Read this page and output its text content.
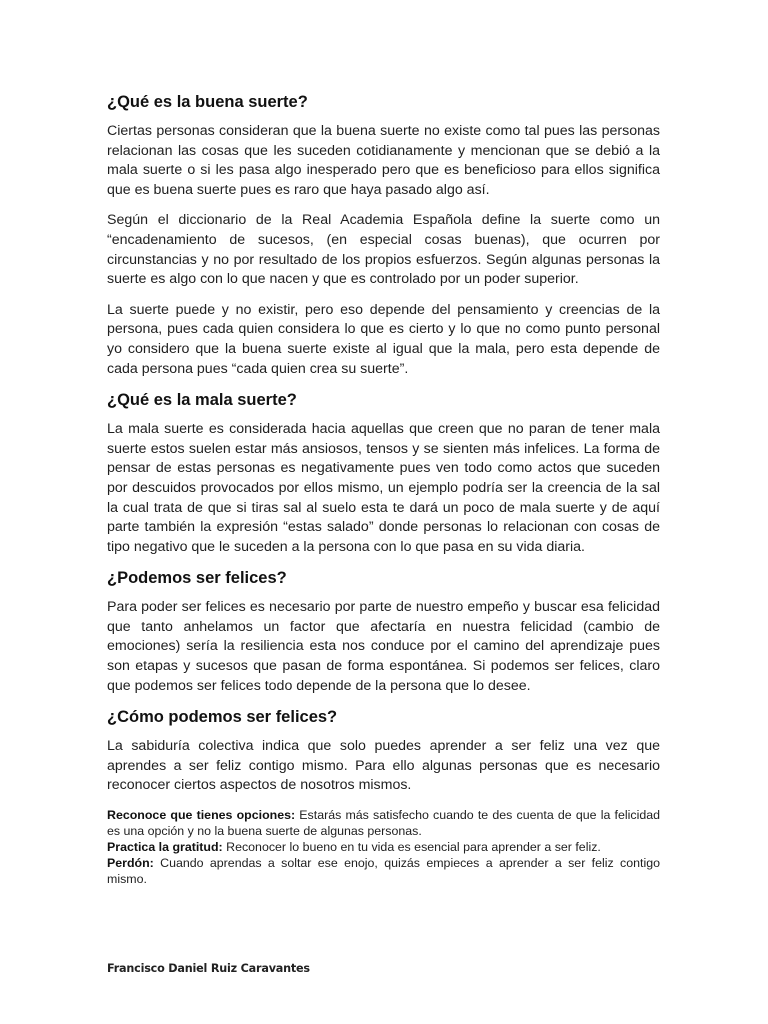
¿Qué es la buena suerte?

Ciertas personas consideran que la buena suerte no existe como tal pues las personas relacionan las cosas que les suceden cotidianamente y mencionan que se debió a la mala suerte o si les pasa algo inesperado pero que es beneficioso para ellos significa que es buena suerte pues es raro que haya pasado algo así.

Según el diccionario de la Real Academia Española define la suerte como un “encadenamiento de sucesos, (en especial cosas buenas), que ocurren por circunstancias y no por resultado de los propios esfuerzos. Según algunas personas la suerte es algo con lo que nacen y que es controlado por un poder superior.

La suerte puede y no existir, pero eso depende del pensamiento y creencias de la persona, pues cada quien considera lo que es cierto y lo que no como punto personal yo considero que la buena suerte existe al igual que la mala, pero esta depende de cada persona pues “cada quien crea su suerte”.

¿Qué es la mala suerte?

La mala suerte es considerada hacia aquellas que creen que no paran de tener mala suerte estos suelen estar más ansiosos, tensos y se sienten más infelices. La forma de pensar de estas personas es negativamente pues ven todo como actos que suceden por descuidos provocados por ellos mismo, un ejemplo podría ser la creencia de la sal la cual trata de que si tiras sal al suelo esta te dará un poco de mala suerte y de aquí parte también la expresión “estas salado” donde personas lo relacionan con cosas de tipo negativo que le suceden a la persona con lo que pasa en su vida diaria.

¿Podemos ser felices?

Para poder ser felices es necesario por parte de nuestro empeño y buscar esa felicidad que tanto anhelamos un factor que afectaría en nuestra felicidad (cambio de emociones) sería la resiliencia esta nos conduce por el camino del aprendizaje pues son etapas y sucesos que pasan de forma espontánea. Si podemos ser felices, claro que podemos ser felices todo depende de la persona que lo desee.

¿Cómo podemos ser felices?

La sabiduría colectiva indica que solo puedes aprender a ser feliz una vez que aprendes a ser feliz contigo mismo. Para ello algunas personas que es necesario reconocer ciertos aspectos de nosotros mismos.

Reconoce que tienes opciones: Estarás más satisfecho cuando te des cuenta de que la felicidad es una opción y no la buena suerte de algunas personas.

Practica la gratitud: Reconocer lo bueno en tu vida es esencial para aprender a ser feliz.

Perdón: Cuando aprendas a soltar ese enojo, quizás empieces a aprender a ser feliz contigo mismo.

Francisco Daniel Ruiz Caravantes
